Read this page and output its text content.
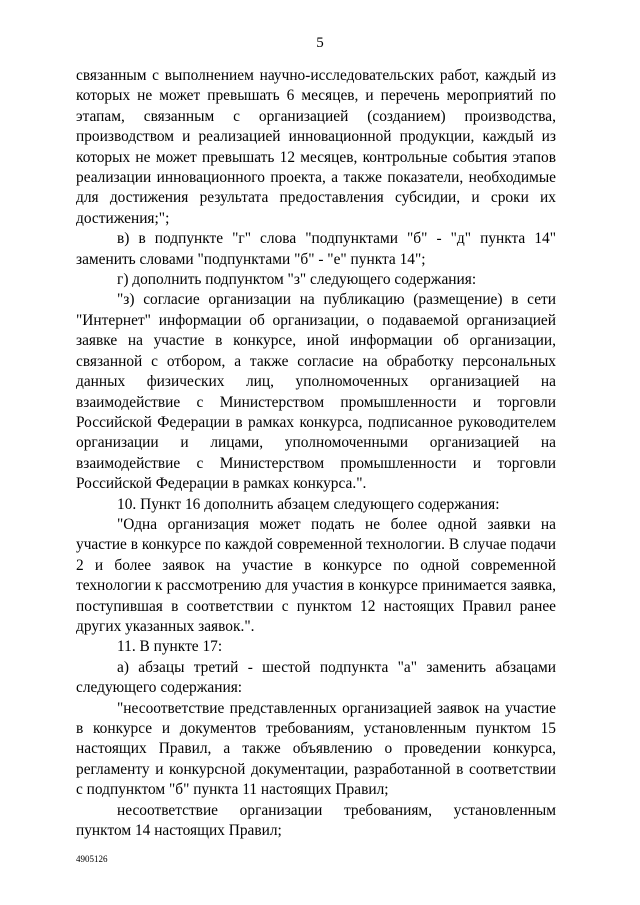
5

связанным с выполнением научно-исследовательских работ, каждый из которых не может превышать 6 месяцев, и перечень мероприятий по этапам, связанным с организацией (созданием) производства, производством и реализацией инновационной продукции, каждый из которых не может превышать 12 месяцев, контрольные события этапов реализации инновационного проекта, а также показатели, необходимые для достижения результата предоставления субсидии, и сроки их достижения;";

в) в подпункте "г" слова "подпунктами "б" - "д" пункта 14" заменить словами "подпунктами "б" - "е" пункта 14";

г) дополнить подпунктом "з" следующего содержания:

"з) согласие организации на публикацию (размещение) в сети "Интернет" информации об организации, о подаваемой организацией заявке на участие в конкурсе, иной информации об организации, связанной с отбором, а также согласие на обработку персональных данных физических лиц, уполномоченных организацией на взаимодействие с Министерством промышленности и торговли Российской Федерации в рамках конкурса, подписанное руководителем организации и лицами, уполномоченными организацией на взаимодействие с Министерством промышленности и торговли Российской Федерации в рамках конкурса.".

10. Пункт 16 дополнить абзацем следующего содержания:

"Одна организация может подать не более одной заявки на участие в конкурсе по каждой современной технологии. В случае подачи 2 и более заявок на участие в конкурсе по одной современной технологии к рассмотрению для участия в конкурсе принимается заявка, поступившая в соответствии с пунктом 12 настоящих Правил ранее других указанных заявок.".

11. В пункте 17:

а) абзацы третий - шестой подпункта "а" заменить абзацами следующего содержания:

"несоответствие представленных организацией заявок на участие в конкурсе и документов требованиям, установленным пунктом 15 настоящих Правил, а также объявлению о проведении конкурса, регламенту и конкурсной документации, разработанной в соответствии с подпунктом "б" пункта 11 настоящих Правил;

несоответствие организации требованиям, установленным пунктом 14 настоящих Правил;

4905126
